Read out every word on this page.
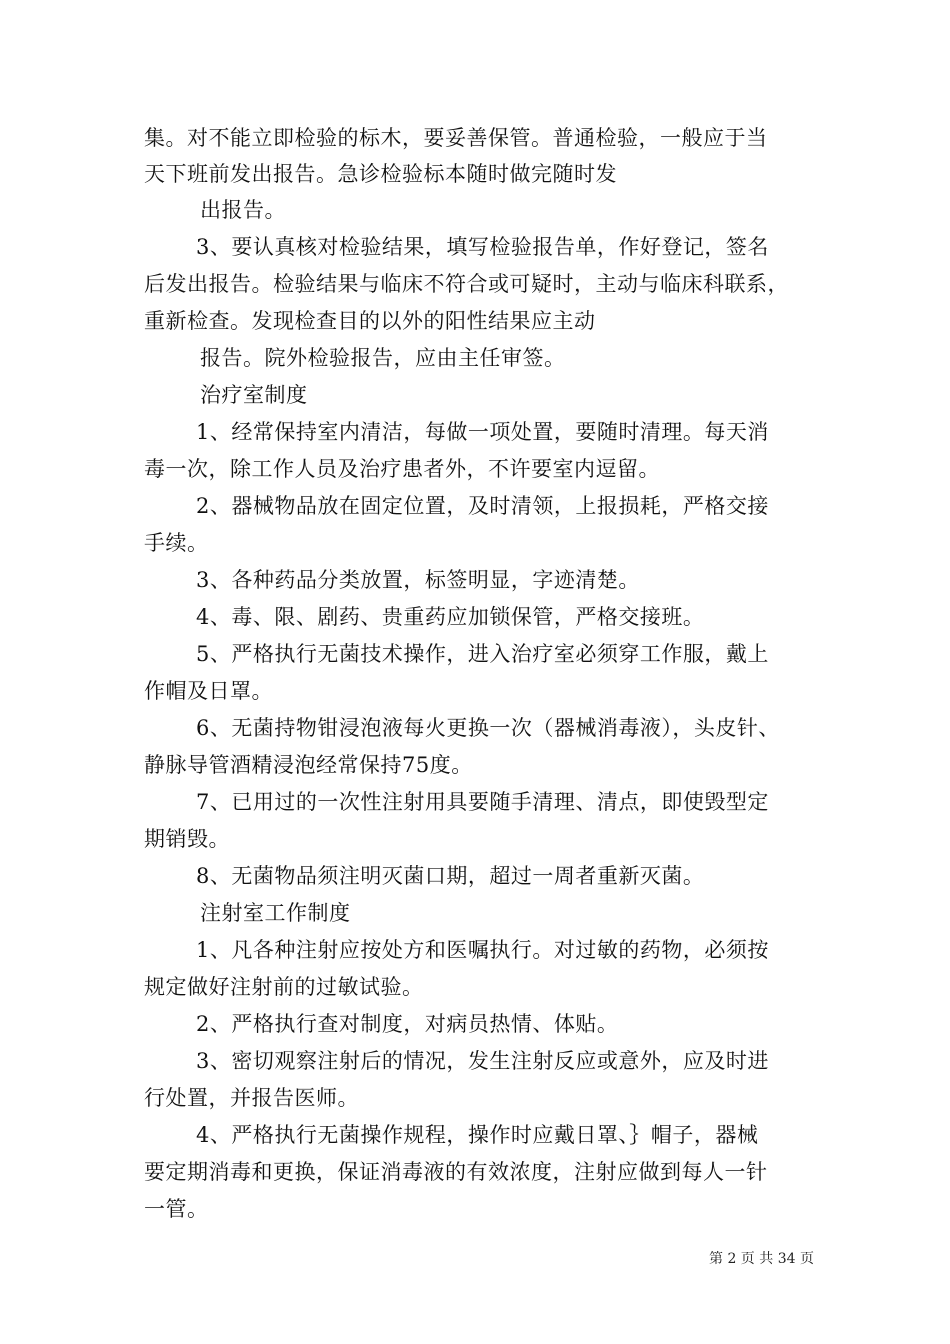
集。对不能立即检验的标木，要妥善保管。普通检验，一般应于当
天下班前发出报告。急诊检验标本随时做完随时发
出报告。
3、要认真核对检验结果，填写检验报告单，作好登记，签名
后发出报告。检验结果与临床不符合或可疑时，主动与临床科联系，
重新检查。发现检查目的以外的阳性结果应主动
报告。院外检验报告，应由主任审签。
治疗室制度
1、经常保持室内清洁，每做一项处置，要随时清理。每天消
毒一次，除工作人员及治疗患者外，不许要室内逗留。
2、器械物品放在固定位置，及时清领，上报损耗，严格交接
手续。
3、各种药品分类放置，标签明显，字迹清楚。
4、毒、限、剧药、贵重药应加锁保管，严格交接班。
5、严格执行无菌技术操作，进入治疗室必须穿工作服，戴上
作帽及日罩。
6、无菌持物钳浸泡液每火更换一次（器械消毒液），头皮针、
静脉导管酒精浸泡经常保持75度。
7、已用过的一次性注射用具要随手清理、清点，即使毁型定
期销毁。
8、无菌物品须注明灭菌口期，超过一周者重新灭菌。
注射室工作制度
1、凡各种注射应按处方和医嘱执行。对过敏的药物，必须按
规定做好注射前的过敏试验。
2、严格执行查对制度，对病员热情、体贴。
3、密切观察注射后的情况，发生注射反应或意外，应及时进
行处置，并报告医师。
4、严格执行无菌操作规程，操作时应戴日罩、｝帽子，器械
要定期消毒和更换，保证消毒液的有效浓度，注射应做到每人一针
一管。
第 2 页 共 34 页
